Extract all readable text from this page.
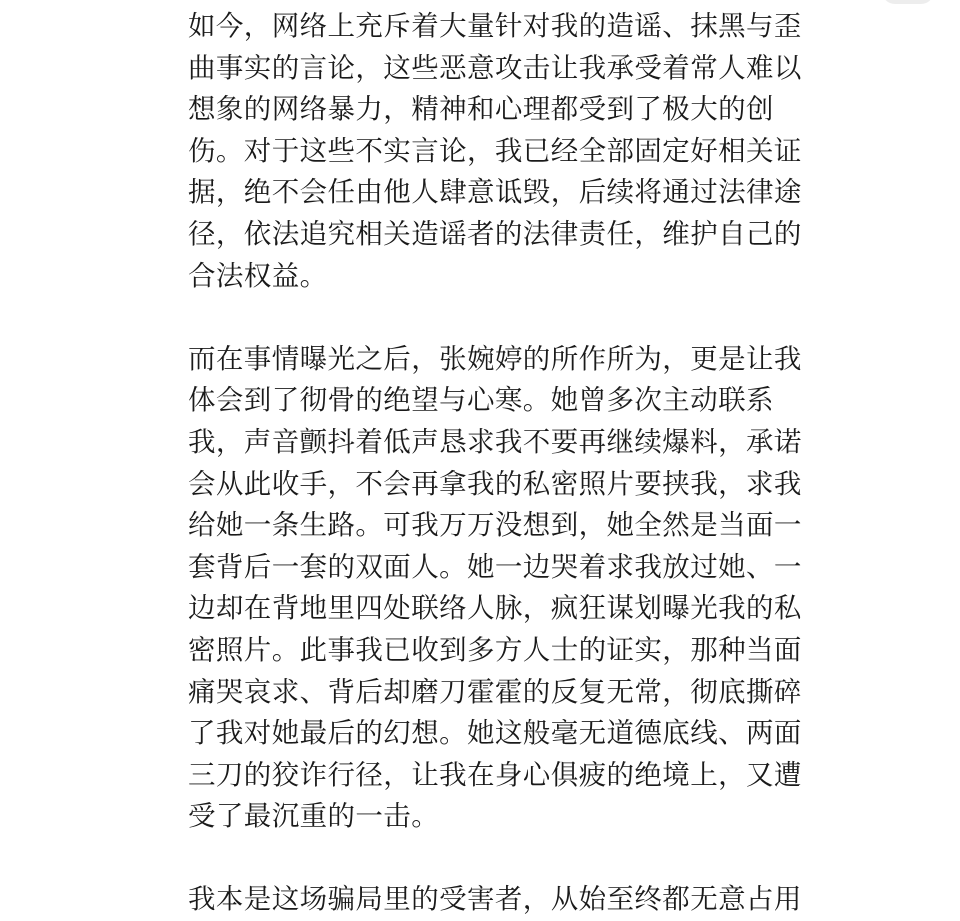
如今，网络上充斥着大量针对我的造谣、抹黑与歪
曲事实的言论，这些恶意攻击让我承受着常人难以
想象的网络暴力，精神和心理都受到了极大的创
伤。对于这些不实言论，我已经全部固定好相关证
据，绝不会任由他人肆意诋毁，后续将通过法律途
径，依法追究相关造谣者的法律责任，维护自己的
合法权益。

而在事情曝光之后，张婉婷的所作所为，更是让我
体会到了彻骨的绝望与心寒。她曾多次主动联系
我，声音颤抖着低声恳求我不要再继续爆料，承诺
会从此收手，不会再拿我的私密照片要挟我，求我
给她一条生路。可我万万没想到，她全然是当面一
套背后一套的双面人。她一边哭着求我放过她、一
边却在背地里四处联络人脉，疯狂谋划曝光我的私
密照片。此事我已收到多方人士的证实，那种当面
痛哭哀求、背后却磨刀霍霍的反复无常，彻底撕碎
了我对她最后的幻想。她这般毫无道德底线、两面
三刀的狡诈行径，让我在身心俱疲的绝境上，又遭
受了最沉重的一击。

我本是这场骗局里的受害者，从始至终都无意占用
